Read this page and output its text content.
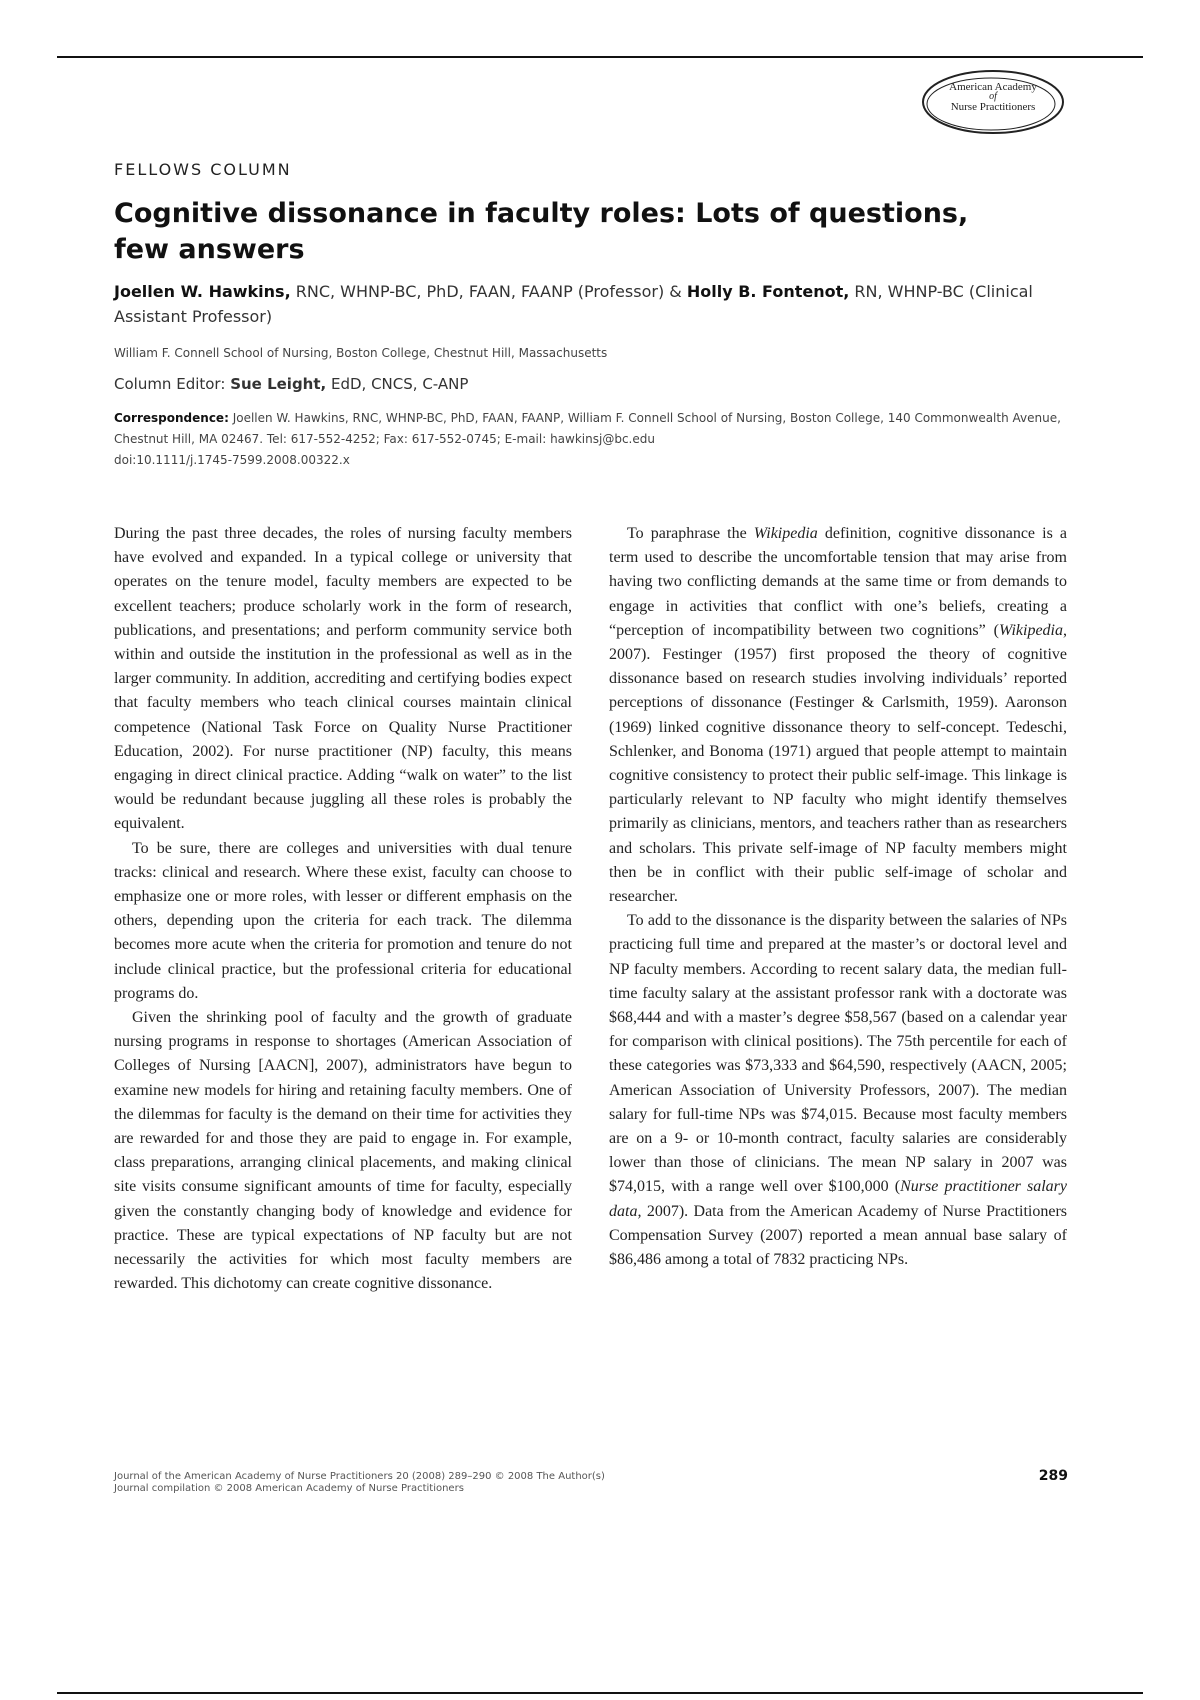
American Academy
of
Nurse Practitioners
FELLOWS COLUMN
Cognitive dissonance in faculty roles: Lots of questions, few answers
Joellen W. Hawkins, RNC, WHNP-BC, PhD, FAAN, FAANP (Professor) & Holly B. Fontenot, RN, WHNP-BC (Clinical Assistant Professor)
William F. Connell School of Nursing, Boston College, Chestnut Hill, Massachusetts
Column Editor: Sue Leight, EdD, CNCS, C-ANP
Correspondence: Joellen W. Hawkins, RNC, WHNP-BC, PhD, FAAN, FAANP, William F. Connell School of Nursing, Boston College, 140 Commonwealth Avenue, Chestnut Hill, MA 02467. Tel: 617-552-4252; Fax: 617-552-0745; E-mail: hawkinsj@bc.edu
doi:10.1111/j.1745-7599.2008.00322.x

During the past three decades, the roles of nursing faculty members have evolved and expanded. In a typical college or university that operates on the tenure model, faculty members are expected to be excellent teachers; produce scholarly work in the form of research, publications, and presentations; and perform community service both within and outside the institution in the professional as well as in the larger community. In addition, accrediting and certifying bodies expect that faculty members who teach clinical courses maintain clinical competence (National Task Force on Quality Nurse Practitioner Education, 2002). For nurse practitioner (NP) faculty, this means engaging in direct clinical practice. Adding “walk on water” to the list would be redundant because juggling all these roles is probably the equivalent.

To be sure, there are colleges and universities with dual tenure tracks: clinical and research. Where these exist, faculty can choose to emphasize one or more roles, with lesser or different emphasis on the others, depending upon the criteria for each track. The dilemma becomes more acute when the criteria for promotion and tenure do not include clinical practice, but the professional criteria for educational programs do.

Given the shrinking pool of faculty and the growth of graduate nursing programs in response to shortages (American Association of Colleges of Nursing [AACN], 2007), administrators have begun to examine new models for hiring and retaining faculty members. One of the dilemmas for faculty is the demand on their time for activities they are rewarded for and those they are paid to engage in. For example, class preparations, arranging clinical placements, and making clinical site visits consume significant amounts of time for faculty, especially given the constantly changing body of knowledge and evidence for practice. These are typical expectations of NP faculty but are not necessarily the activities for which most faculty members are rewarded. This dichotomy can create cognitive dissonance.

To paraphrase the Wikipedia definition, cognitive dissonance is a term used to describe the uncomfortable tension that may arise from having two conflicting demands at the same time or from demands to engage in activities that conflict with one’s beliefs, creating a “perception of incompatibility between two cognitions” (Wikipedia, 2007). Festinger (1957) first proposed the theory of cognitive dissonance based on research studies involving individuals’ reported perceptions of dissonance (Festinger & Carlsmith, 1959). Aaronson (1969) linked cognitive dissonance theory to self-concept. Tedeschi, Schlenker, and Bonoma (1971) argued that people attempt to maintain cognitive consistency to protect their public self-image. This linkage is particularly relevant to NP faculty who might identify themselves primarily as clinicians, mentors, and teachers rather than as researchers and scholars. This private self-image of NP faculty members might then be in conflict with their public self-image of scholar and researcher.

To add to the dissonance is the disparity between the salaries of NPs practicing full time and prepared at the master’s or doctoral level and NP faculty members. According to recent salary data, the median full-time faculty salary at the assistant professor rank with a doctorate was $68,444 and with a master’s degree $58,567 (based on a calendar year for comparison with clinical positions). The 75th percentile for each of these categories was $73,333 and $64,590, respectively (AACN, 2005; American Association of University Professors, 2007). The median salary for full-time NPs was $74,015. Because most faculty members are on a 9- or 10-month contract, faculty salaries are considerably lower than those of clinicians. The mean NP salary in 2007 was $74,015, with a range well over $100,000 (Nurse practitioner salary data, 2007). Data from the American Academy of Nurse Practitioners Compensation Survey (2007) reported a mean annual base salary of $86,486 among a total of 7832 practicing NPs.

Journal of the American Academy of Nurse Practitioners 20 (2008) 289–290 © 2008 The Author(s)
Journal compilation © 2008 American Academy of Nurse Practitioners
289
